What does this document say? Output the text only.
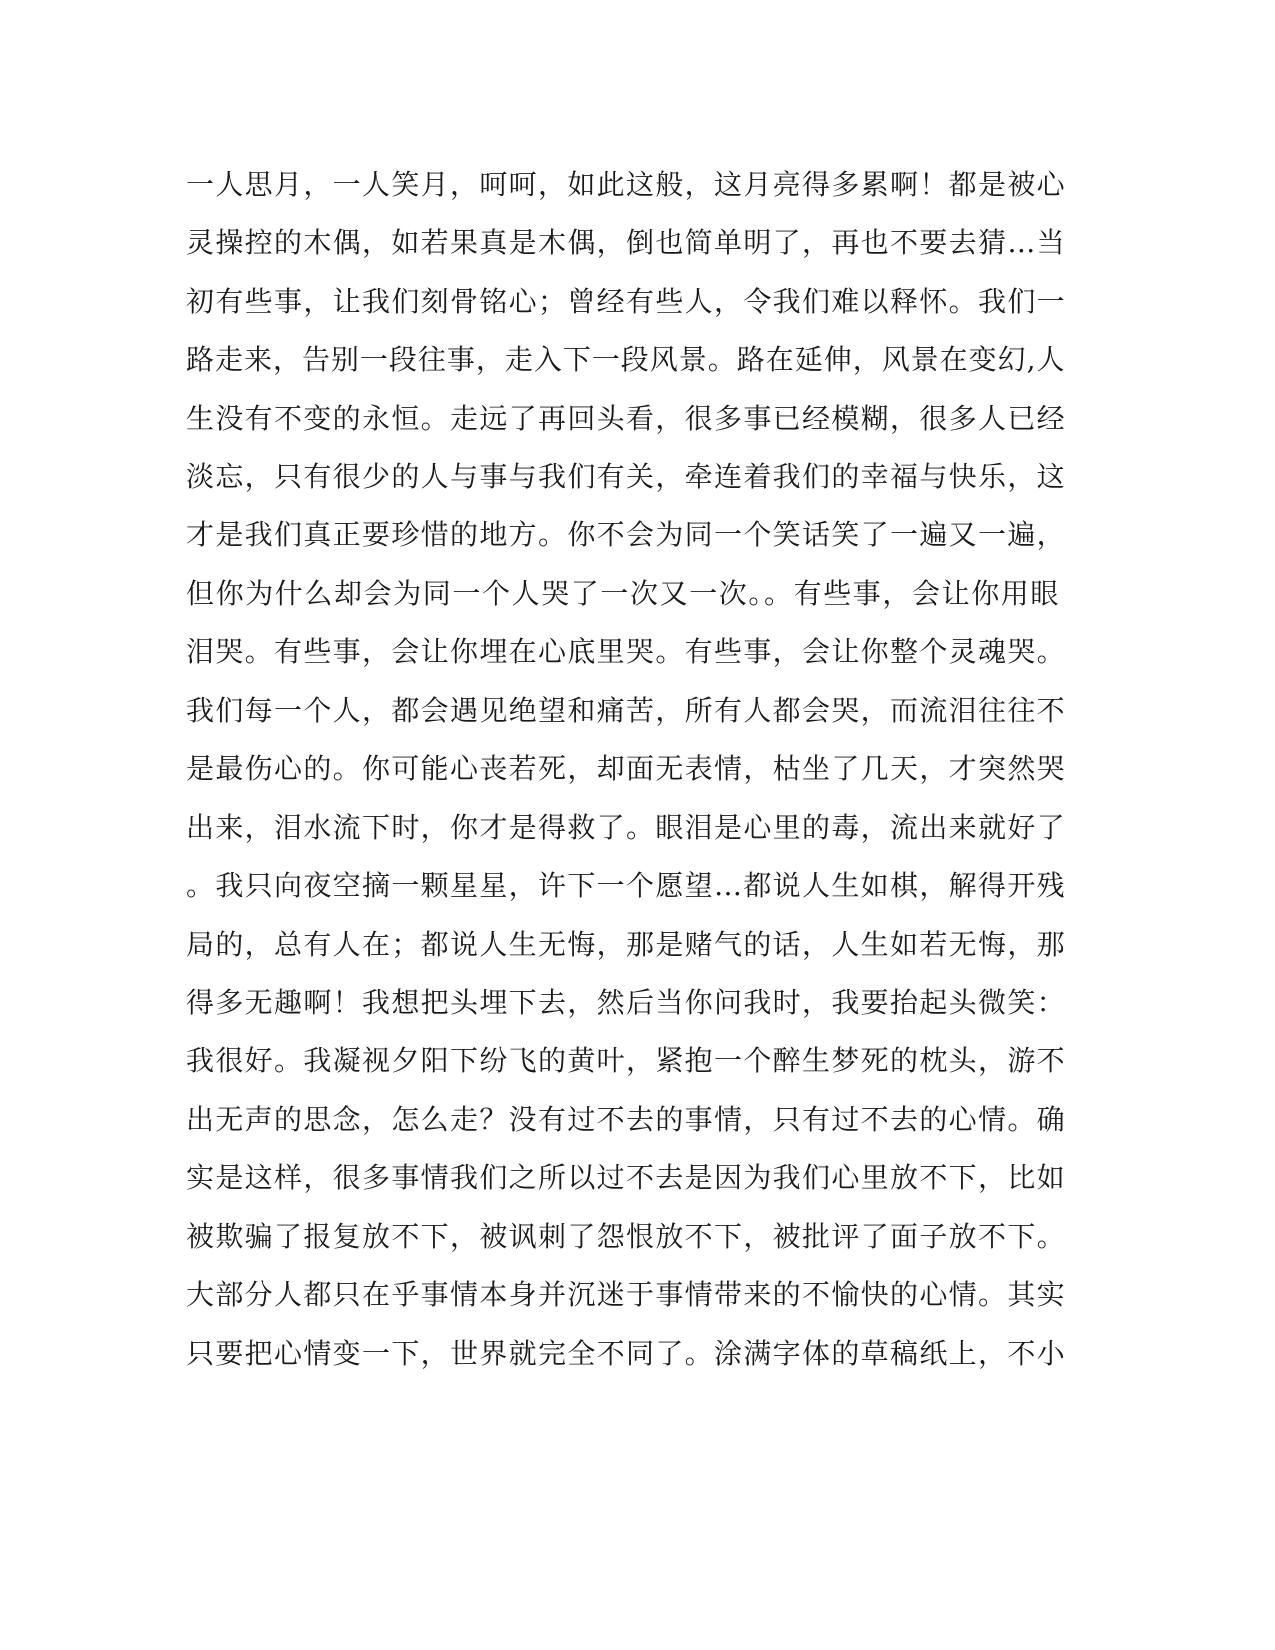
一人思月，一人笑月，呵呵，如此这般，这月亮得多累啊！都是被心
灵操控的木偶，如若果真是木偶，倒也简单明了，再也不要去猜…当
初有些事，让我们刻骨铭心；曾经有些人，令我们难以释怀。我们一
路走来，告别一段往事，走入下一段风景。路在延伸，风景在变幻,人
生没有不变的永恒。走远了再回头看，很多事已经模糊，很多人已经
淡忘，只有很少的人与事与我们有关，牵连着我们的幸福与快乐，这
才是我们真正要珍惜的地方。你不会为同一个笑话笑了一遍又一遍，
但你为什么却会为同一个人哭了一次又一次。。有些事，会让你用眼
泪哭。有些事，会让你埋在心底里哭。有些事，会让你整个灵魂哭。
我们每一个人，都会遇见绝望和痛苦，所有人都会哭，而流泪往往不
是最伤心的。你可能心丧若死，却面无表情，枯坐了几天，才突然哭
出来，泪水流下时，你才是得救了。眼泪是心里的毒，流出来就好了
。我只向夜空摘一颗星星，许下一个愿望…都说人生如棋，解得开残
局的，总有人在；都说人生无悔，那是赌气的话，人生如若无悔，那
得多无趣啊！我想把头埋下去，然后当你问我时，我要抬起头微笑：
我很好。我凝视夕阳下纷飞的黄叶，紧抱一个醉生梦死的枕头，游不
出无声的思念，怎么走？没有过不去的事情，只有过不去的心情。确
实是这样，很多事情我们之所以过不去是因为我们心里放不下，比如
被欺骗了报复放不下，被讽刺了怨恨放不下，被批评了面子放不下。
大部分人都只在乎事情本身并沉迷于事情带来的不愉快的心情。其实
只要把心情变一下，世界就完全不同了。涂满字体的草稿纸上，不小
